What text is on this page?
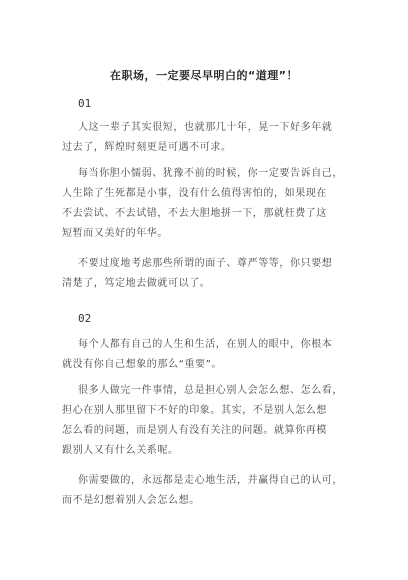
在职场，一定要尽早明白的“道理”！
01
人这一辈子其实很短，也就那几十年，晃一下好多年就
过去了，辉煌时刻更是可遇不可求。
每当你胆小懦弱、犹豫不前的时候，你一定要告诉自己，
人生除了生死都是小事，没有什么值得害怕的，如果现在
不去尝试、不去试错，不去大胆地拼一下，那就枉费了这
短暂而又美好的年华。
不要过度地考虑那些所谓的面子、尊严等等，你只要想
清楚了，笃定地去做就可以了。
02
每个人都有自己的人生和生活，在别人的眼中，你根本
就没有你自己想象的那么“重要”。
很多人做完一件事情，总是担心别人会怎么想、怎么看，
担心在别人那里留下不好的印象。其实，不是别人怎么想
怎么看的问题，而是别人有没有关注的问题。就算你再模
跟别人又有什么关系呢。
你需要做的，永远都是走心地生活，并赢得自己的认可，
而不是幻想着别人会怎么想。
